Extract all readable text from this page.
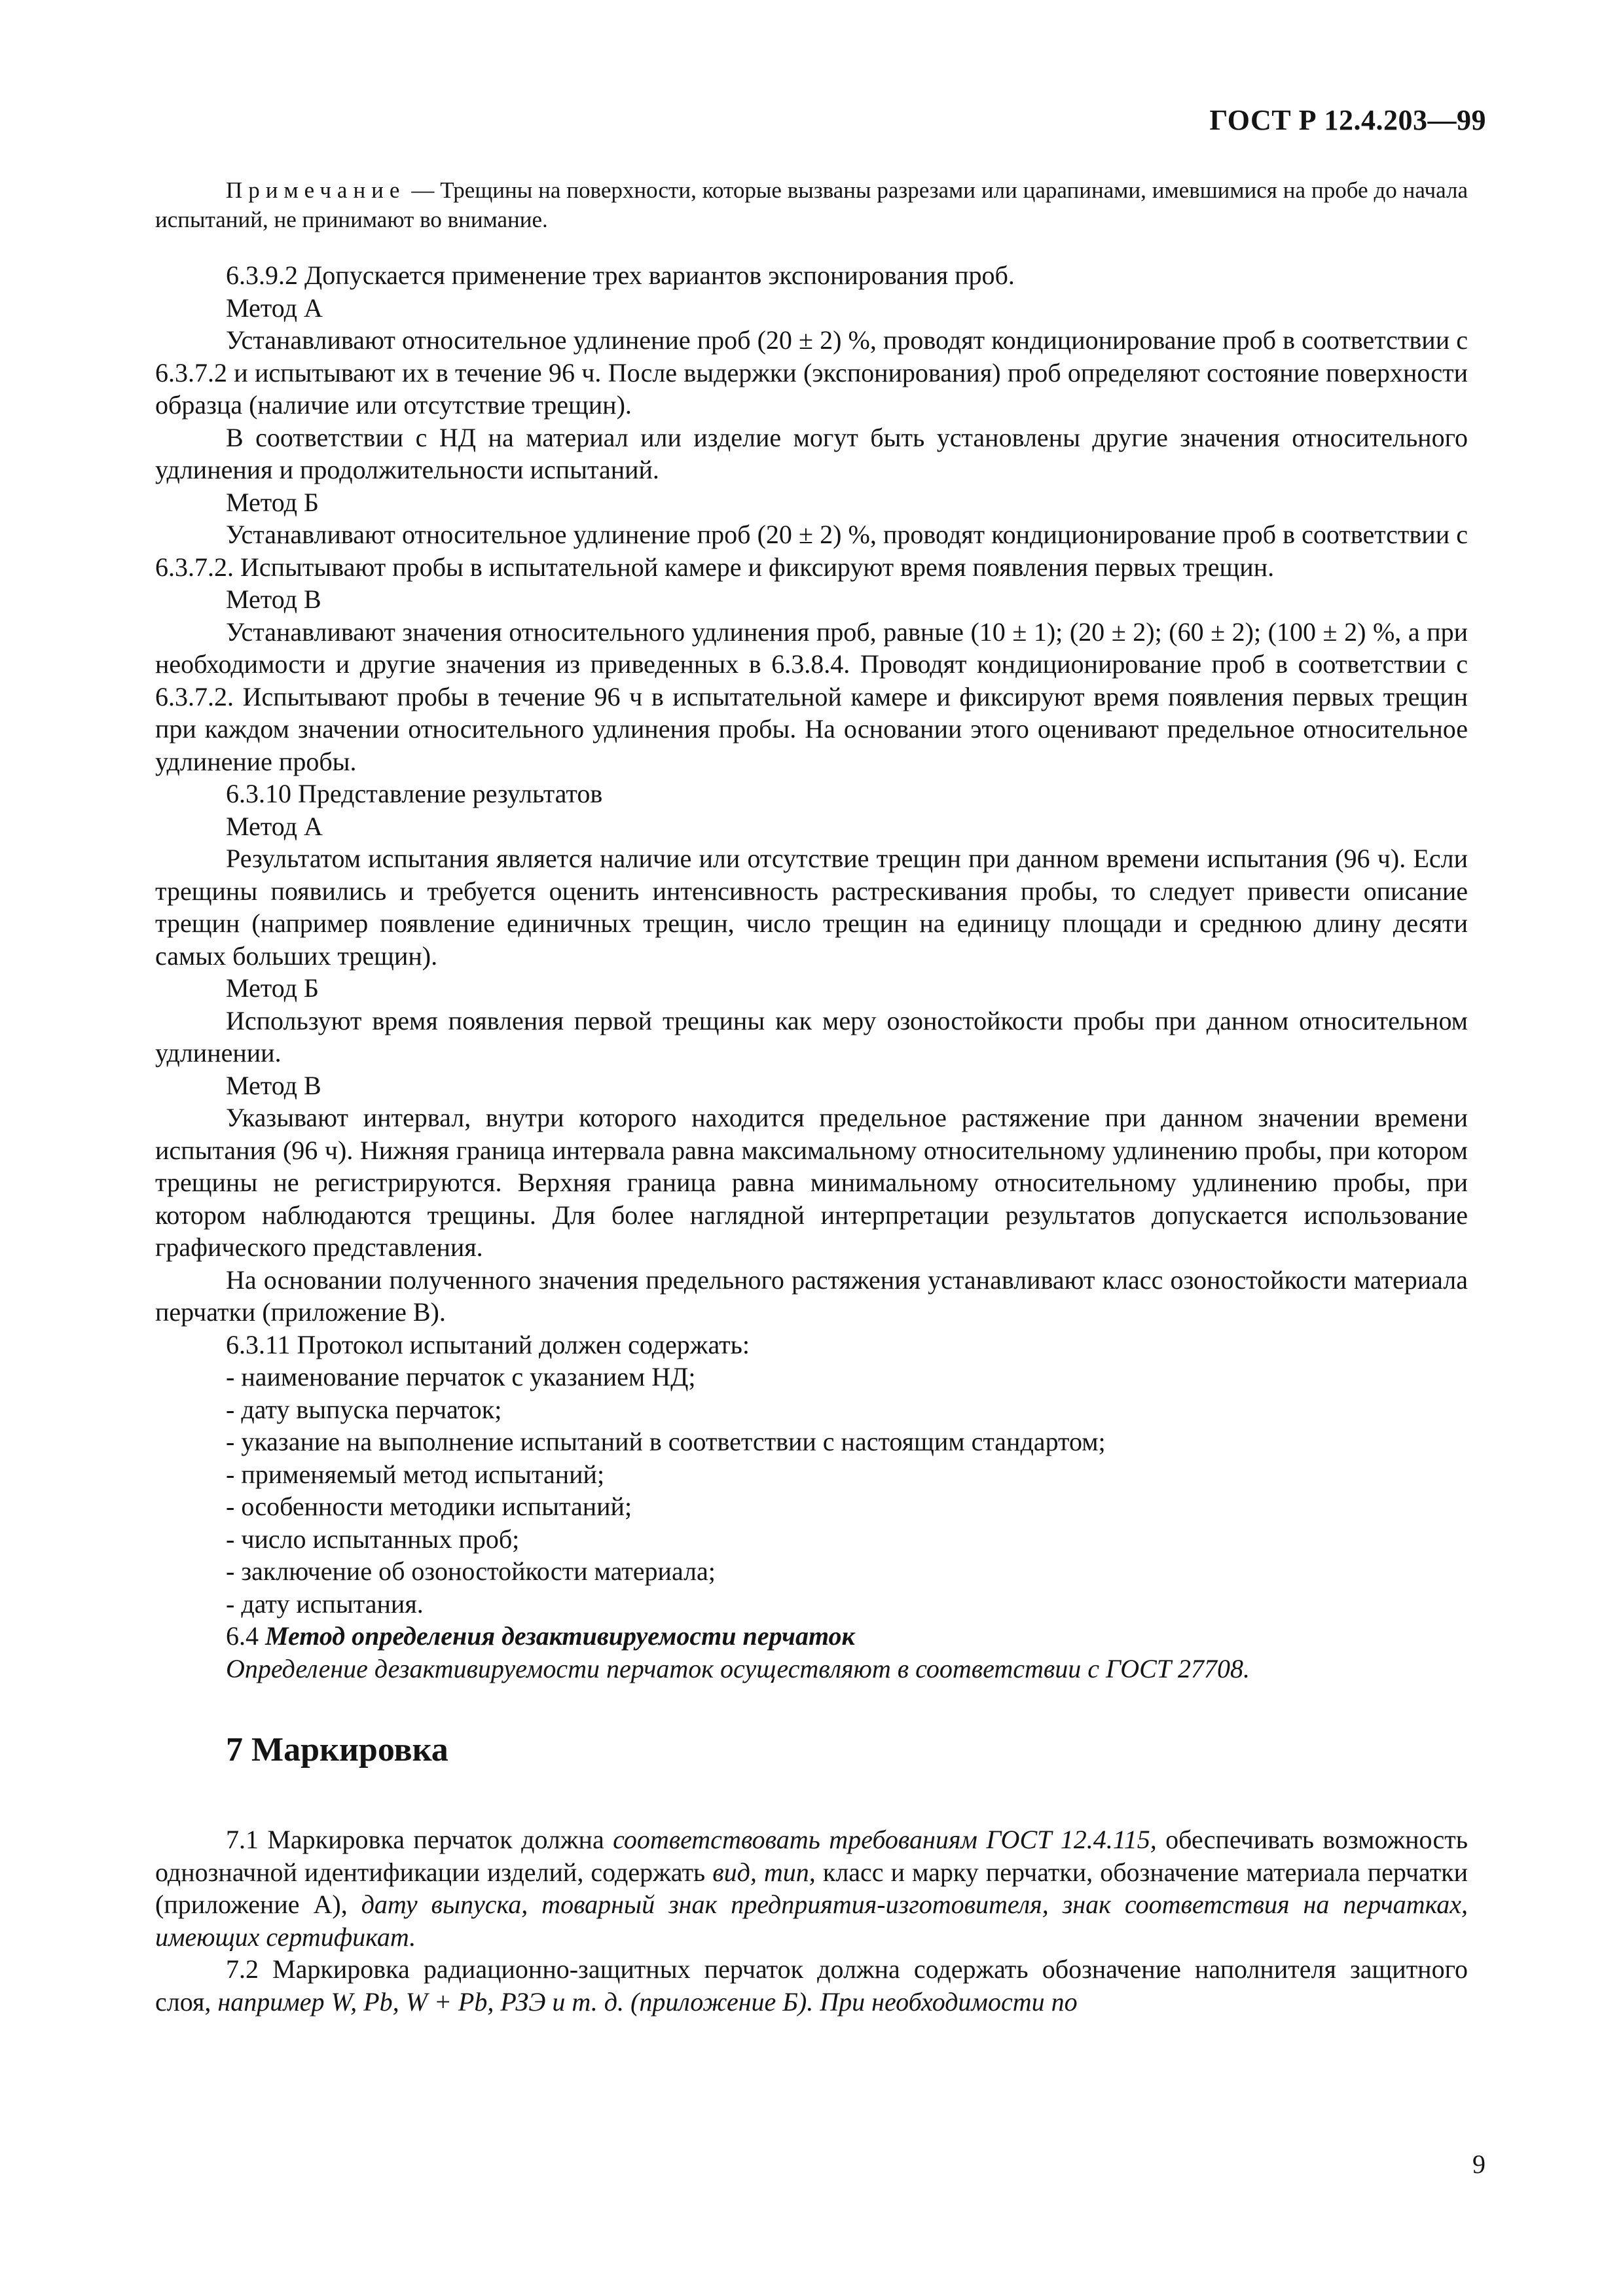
ГОСТ Р 12.4.203—99

Примечание — Трещины на поверхности, которые вызваны разрезами или царапинами, имевшимися на пробе до начала испытаний, не принимают во внимание.

6.3.9.2 Допускается применение трех вариантов экспонирования проб.

Метод А

Устанавливают относительное удлинение проб (20 ± 2) %, проводят кондиционирование проб в соответствии с 6.3.7.2 и испытывают их в течение 96 ч. После выдержки (экспонирования) проб определяют состояние поверхности образца (наличие или отсутствие трещин).

В соответствии с НД на материал или изделие могут быть установлены другие значения относительного удлинения и продолжительности испытаний.

Метод Б

Устанавливают относительное удлинение проб (20 ± 2) %, проводят кондиционирование проб в соответствии с 6.3.7.2. Испытывают пробы в испытательной камере и фиксируют время появления первых трещин.

Метод В

Устанавливают значения относительного удлинения проб, равные (10 ± 1); (20 ± 2); (60 ± 2); (100 ± 2) %, а при необходимости и другие значения из приведенных в 6.3.8.4. Проводят кондиционирование проб в соответствии с 6.3.7.2. Испытывают пробы в течение 96 ч в испытательной камере и фиксируют время появления первых трещин при каждом значении относительного удлинения пробы. На основании этого оценивают предельное относительное удлинение пробы.

6.3.10 Представление результатов

Метод А

Результатом испытания является наличие или отсутствие трещин при данном времени испытания (96 ч). Если трещины появились и требуется оценить интенсивность растрескивания пробы, то следует привести описание трещин (например появление единичных трещин, число трещин на единицу площади и среднюю длину десяти самых больших трещин).

Метод Б

Используют время появления первой трещины как меру озоностойкости пробы при данном относительном удлинении.

Метод В

Указывают интервал, внутри которого находится предельное растяжение при данном значении времени испытания (96 ч). Нижняя граница интервала равна максимальному относительному удлинению пробы, при котором трещины не регистрируются. Верхняя граница равна минимальному относительному удлинению пробы, при котором наблюдаются трещины. Для более наглядной интерпретации результатов допускается использование графического представления.

На основании полученного значения предельного растяжения устанавливают класс озоностойкости материала перчатки (приложение В).

6.3.11 Протокол испытаний должен содержать:

- наименование перчаток с указанием НД;

- дату выпуска перчаток;

- указание на выполнение испытаний в соответствии с настоящим стандартом;

- применяемый метод испытаний;

- особенности методики испытаний;

- число испытанных проб;

- заключение об озоностойкости материала;

- дату испытания.

6.4 Метод определения дезактивируемости перчаток

Определение дезактивируемости перчаток осуществляют в соответствии с ГОСТ 27708.

7 Маркировка

7.1 Маркировка перчаток должна соответствовать требованиям ГОСТ 12.4.115, обеспечивать возможность однозначной идентификации изделий, содержать вид, тип, класс и марку перчатки, обозначение материала перчатки (приложение А), дату выпуска, товарный знак предприятия-изготовителя, знак соответствия на перчатках, имеющих сертификат.

7.2 Маркировка радиационно-защитных перчаток должна содержать обозначение наполнителя защитного слоя, например W, Pb, W + Pb, РЗЭ и т. д. (приложение Б). При необходимости по

9
